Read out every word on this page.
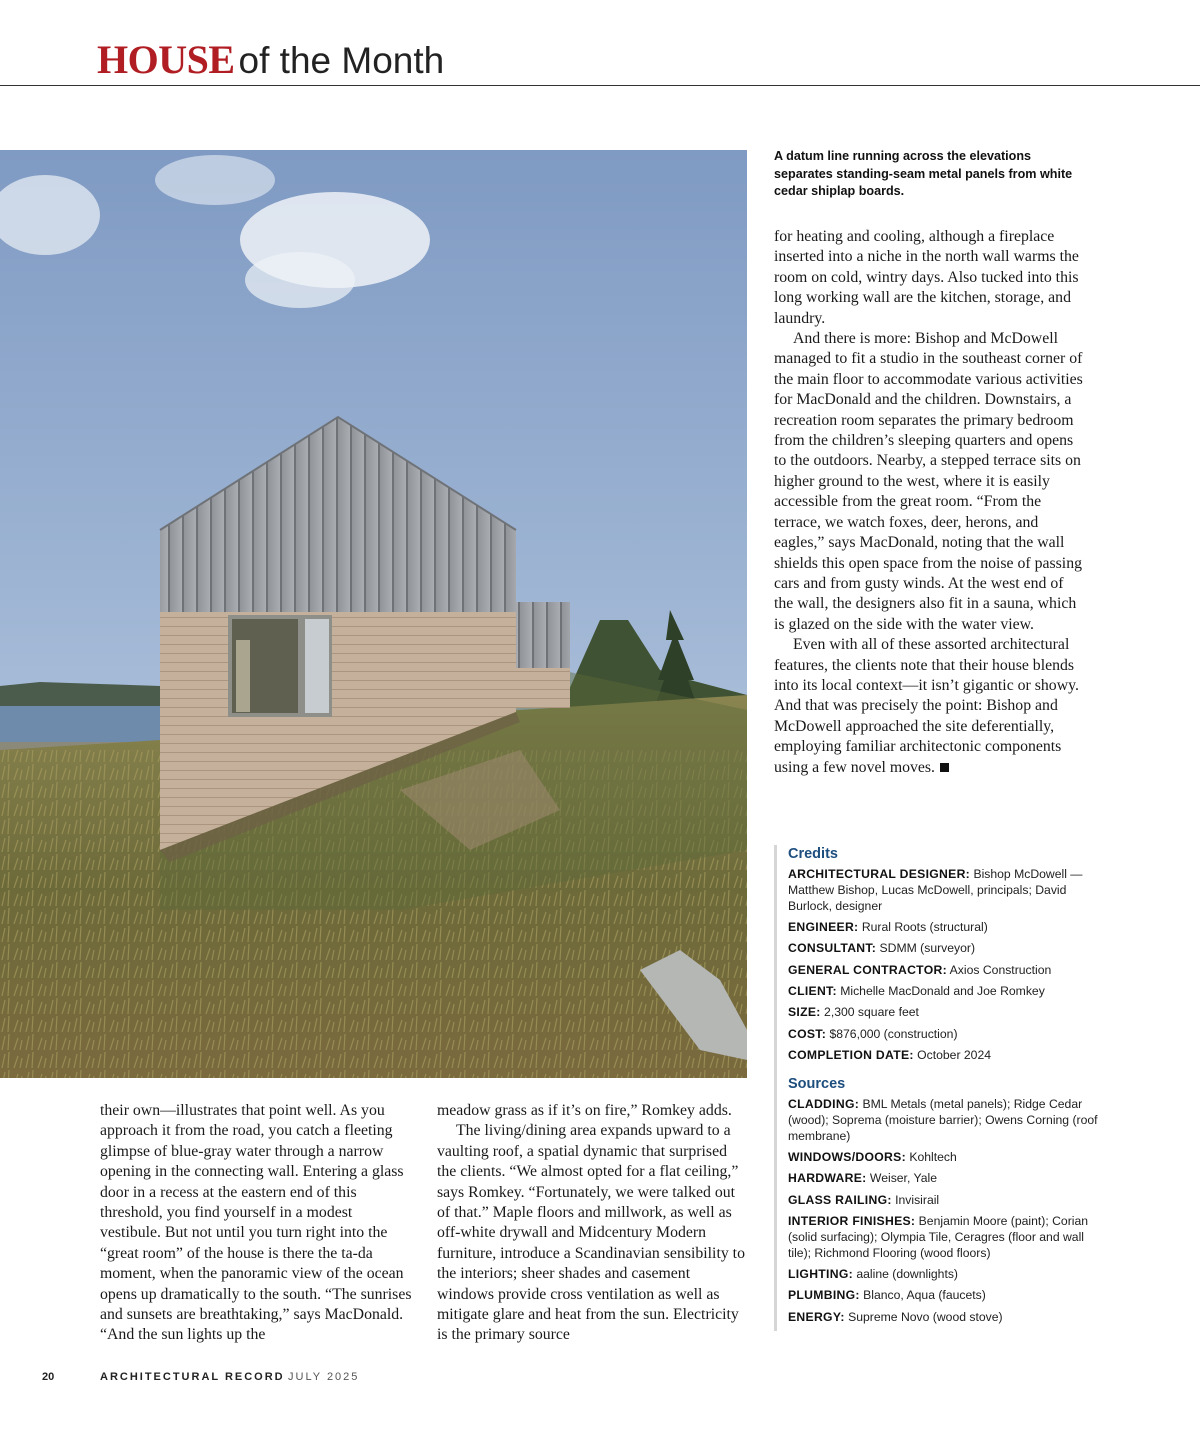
HOUSE of the Month
A datum line running across the elevations separates standing-seam metal panels from white cedar shiplap boards.

for heating and cooling, although a fireplace inserted into a niche in the north wall warms the room on cold, wintry days. Also tucked into this long working wall are the kitchen, storage, and laundry.

And there is more: Bishop and McDowell managed to fit a studio in the southeast corner of the main floor to accommodate various activities for MacDonald and the children. Downstairs, a recreation room separates the primary bedroom from the children’s sleeping quarters and opens to the outdoors. Nearby, a stepped terrace sits on higher ground to the west, where it is easily accessible from the great room. “From the terrace, we watch foxes, deer, herons, and eagles,” says MacDonald, noting that the wall shields this open space from the noise of passing cars and from gusty winds. At the west end of the wall, the designers also fit in a sauna, which is glazed on the side with the water view.

Even with all of these assorted architectural features, the clients note that their house blends into its local context—it isn’t gigantic or showy. And that was precisely the point: Bishop and McDowell approached the site deferentially, employing familiar architectonic components using a few novel moves.

their own—illustrates that point well. As you approach it from the road, you catch a fleeting glimpse of blue-gray water through a narrow opening in the connecting wall. Entering a glass door in a recess at the eastern end of this threshold, you find yourself in a modest vestibule. But not until you turn right into the “great room” of the house is there the ta-da moment, when the panoramic view of the ocean opens up dramatically to the south. “The sunrises and sunsets are breathtaking,” says MacDonald. “And the sun lights up the

meadow grass as if it’s on fire,” Romkey adds.

The living/dining area expands upward to a vaulting roof, a spatial dynamic that surprised the clients. “We almost opted for a flat ceiling,” says Romkey. “Fortunately, we were talked out of that.” Maple floors and millwork, as well as off-white drywall and Midcentury Modern furniture, introduce a Scandinavian sensibility to the interiors; sheer shades and casement windows provide cross ventilation as well as mitigate glare and heat from the sun. Electricity is the primary source

Credits
ARCHITECTURAL DESIGNER: Bishop McDowell — Matthew Bishop, Lucas McDowell, principals; David Burlock, designer
ENGINEER: Rural Roots (structural)
CONSULTANT: SDMM (surveyor)
GENERAL CONTRACTOR: Axios Construction
CLIENT: Michelle MacDonald and Joe Romkey
SIZE: 2,300 square feet
COST: $876,000 (construction)
COMPLETION DATE: October 2024
Sources
CLADDING: BML Metals (metal panels); Ridge Cedar (wood); Soprema (moisture barrier); Owens Corning (roof membrane)
WINDOWS/DOORS: Kohltech
HARDWARE: Weiser, Yale
GLASS RAILING: Invisirail
INTERIOR FINISHES: Benjamin Moore (paint); Corian (solid surfacing); Olympia Tile, Ceragres (floor and wall tile); Richmond Flooring (wood floors)
LIGHTING: aaline (downlights)
PLUMBING: Blanco, Aqua (faucets)
ENERGY: Supreme Novo (wood stove)
20	ARCHITECTURAL RECORD JULY 2025
